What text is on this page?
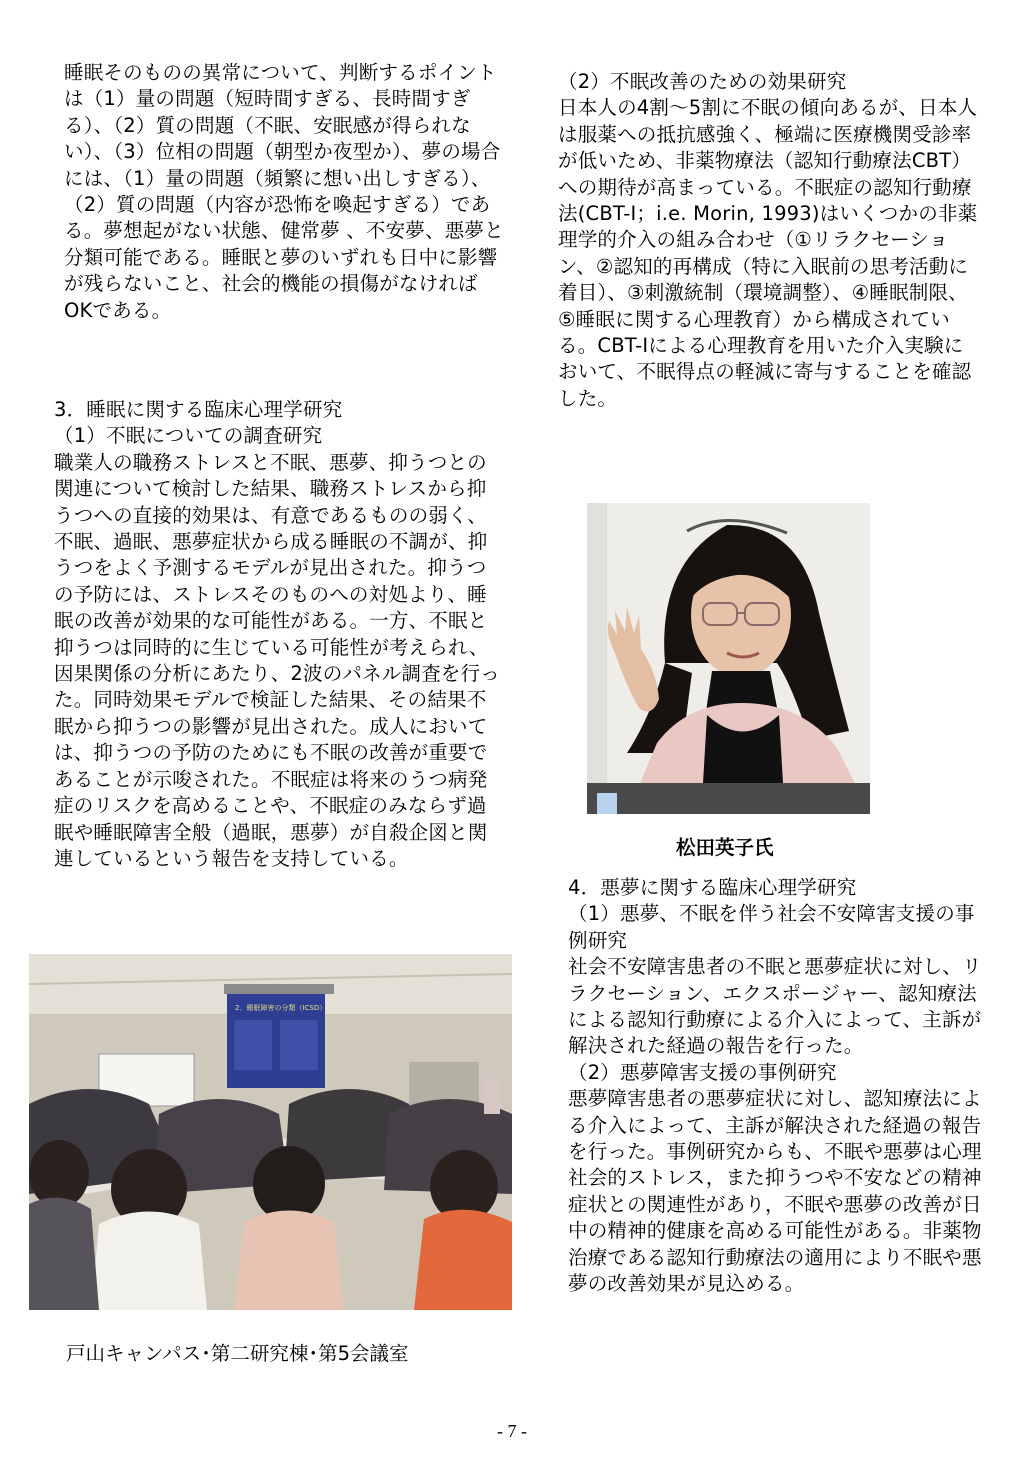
睡眠そのものの異常について、判断するポイントは（1）量の問題（短時間すぎる、長時間すぎる）、（2）質の問題（不眠、安眠感が得られない）、（3）位相の問題（朝型か夜型か）、夢の場合には、（1）量の問題（頻繁に想い出しすぎる）、（2）質の問題（内容が恐怖を喚起すぎる）である。夢想起がない状態、健常夢 、不安夢、悪夢と分類可能である。睡眠と夢のいずれも日中に影響が残らないこと、社会的機能の損傷がなければOKである。

3．睡眠に関する臨床心理学研究
（1）不眠についての調査研究
職業人の職務ストレスと不眠、悪夢、抑うつとの関連について検討した結果、職務ストレスから抑うつへの直接的効果は、有意であるものの弱く、不眠、過眠、悪夢症状から成る睡眠の不調が、抑うつをよく予測するモデルが見出された。抑うつの予防には、ストレスそのものへの対処より、睡眠の改善が効果的な可能性がある。一方、不眠と抑うつは同時的に生じている可能性が考えられ、因果関係の分析にあたり、2波のパネル調査を行った。同時効果モデルで検証した結果、その結果不眠から抑うつの影響が見出された。成人においては、抑うつの予防のためにも不眠の改善が重要であることが示唆された。不眠症は将来のうつ病発症のリスクを高めることや、不眠症のみならず過眠や睡眠障害全般（過眠，悪夢）が自殺企図と関連しているという報告を支持している。

（2）不眠改善のための効果研究
日本人の4割～5割に不眠の傾向あるが、日本人は服薬への抵抗感強く、極端に医療機関受診率が低いため、非薬物療法（認知行動療法CBT）への期待が高まっている。不眠症の認知行動療法(CBT-I；i.e. Morin, 1993)はいくつかの非薬理学的介入の組み合わせ（①リラクセーション、②認知的再構成（特に入眠前の思考活動に着目）、③刺激統制（環境調整）、④睡眠制限、⑤睡眠に関する心理教育）から構成されている。CBT-Iによる心理教育を用いた介入実験において、不眠得点の軽減に寄与することを確認した。

松田英子氏

4．悪夢に関する臨床心理学研究
（1）悪夢、不眠を伴う社会不安障害支援の事例研究
社会不安障害患者の不眠と悪夢症状に対し、リラクセーション、エクスポージャー、認知療法による認知行動療による介入によって、主訴が解決された経過の報告を行った。
（2）悪夢障害支援の事例研究
悪夢障害患者の悪夢症状に対し、認知療法による介入によって、主訴が解決された経過の報告を行った。事例研究からも、不眠や悪夢は心理社会的ストレス，また抑うつや不安などの精神症状との関連性があり，不眠や悪夢の改善が日中の精神的健康を高める可能性がある。非薬物治療である認知行動療法の適用により不眠や悪夢の改善効果が見込める。

2．睡眠障害の分類（ICSD）

戸山キャンパス･第二研究棟･第5会議室

- 7 -
